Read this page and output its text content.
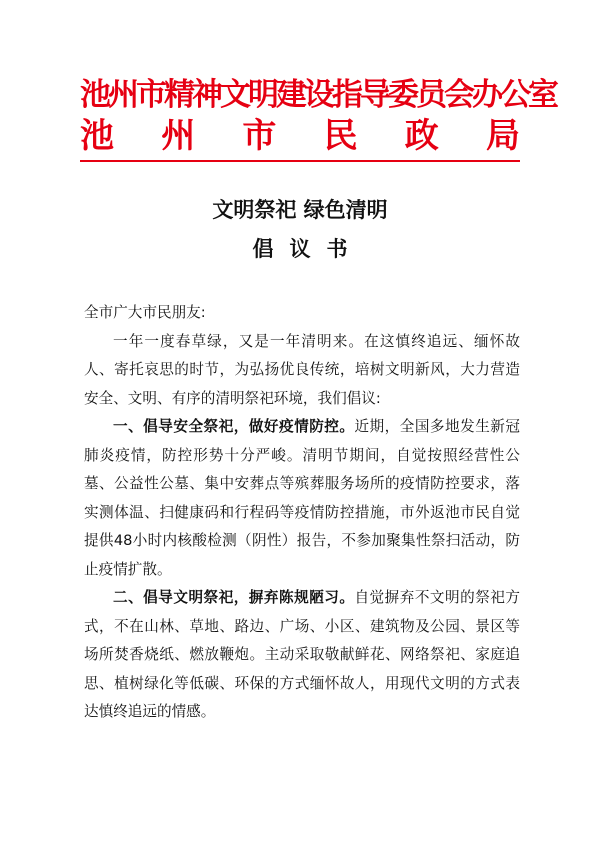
池州市精神文明建设指导委员会办公室
池 州 市 民 政 局
文明祭祀 绿色清明
倡议书

全市广大市民朋友:

一年一度春草绿，又是一年清明来。在这慎终追远、缅怀故人、寄托哀思的时节，为弘扬优良传统，培树文明新风，大力营造安全、文明、有序的清明祭祀环境，我们倡议:

一、倡导安全祭祀，做好疫情防控。近期，全国多地发生新冠肺炎疫情，防控形势十分严峻。清明节期间，自觉按照经营性公墓、公益性公墓、集中安葬点等殡葬服务场所的疫情防控要求，落实测体温、扫健康码和行程码等疫情防控措施，市外返池市民自觉提供48小时内核酸检测（阴性）报告，不参加聚集性祭扫活动，防止疫情扩散。

二、倡导文明祭祀，摒弃陈规陋习。自觉摒弃不文明的祭祀方式，不在山林、草地、路边、广场、小区、建筑物及公园、景区等场所焚香烧纸、燃放鞭炮。主动采取敬献鲜花、网络祭祀、家庭追思、植树绿化等低碳、环保的方式缅怀故人，用现代文明的方式表达慎终追远的情感。
